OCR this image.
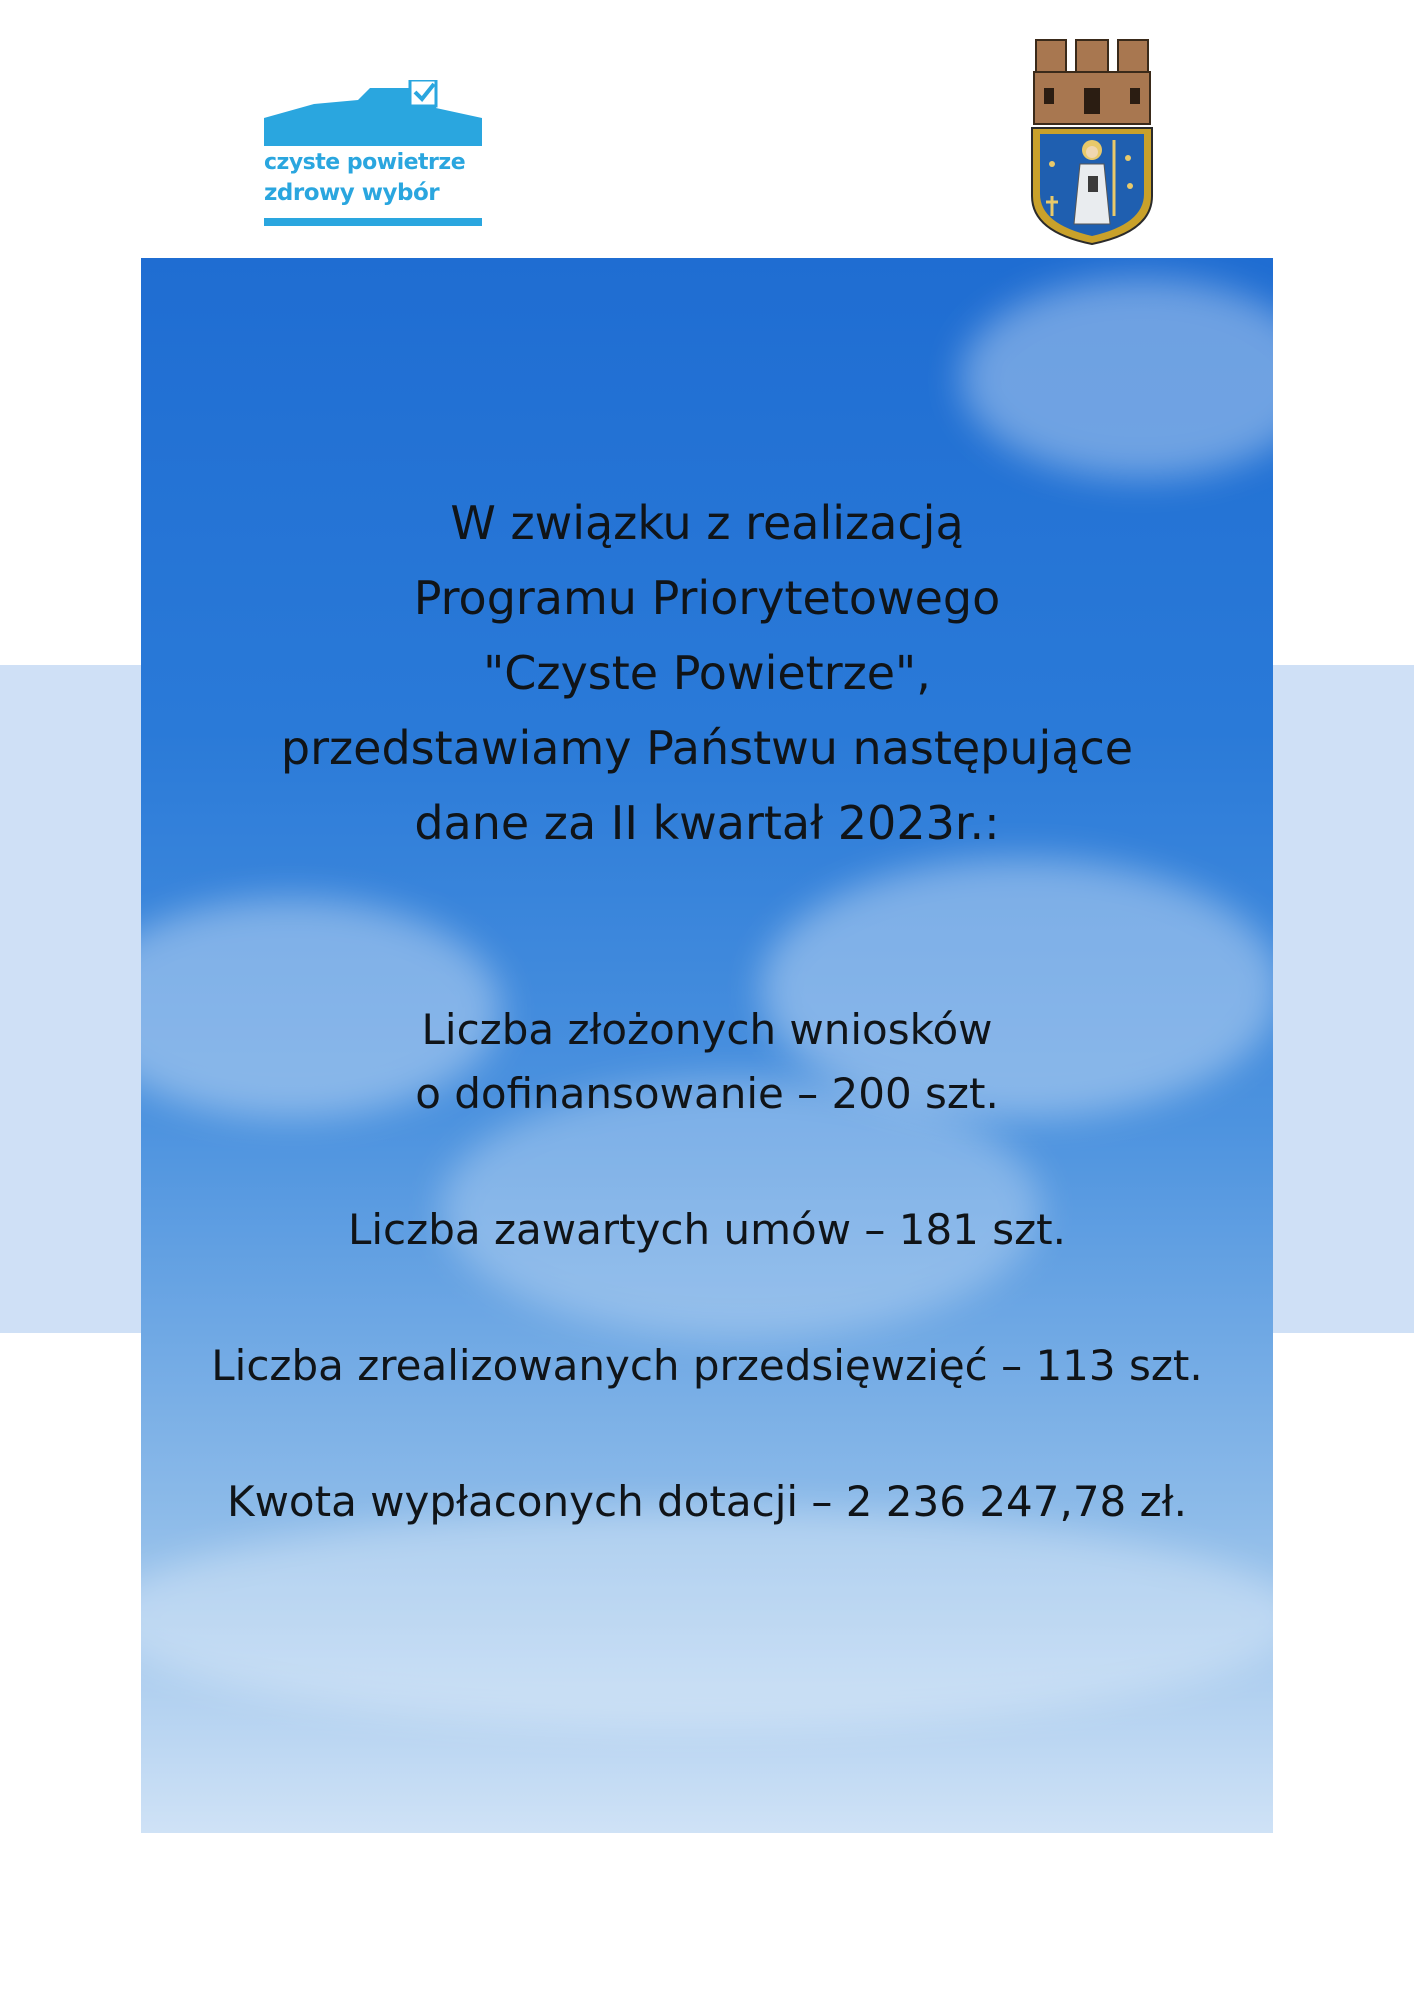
czyste powietrze
zdrowy wybór
W związku z realizacją
Programu Priorytetowego
"Czyste Powietrze",
przedstawiamy Państwu następujące
dane za II kwartał 2023r.:
Liczba złożonych wniosków
o dofinansowanie – 200 szt.
Liczba zawartych umów – 181 szt.
Liczba zrealizowanych przedsięwzięć – 113 szt.
Kwota wypłaconych dotacji – 2 236 247,78 zł.
